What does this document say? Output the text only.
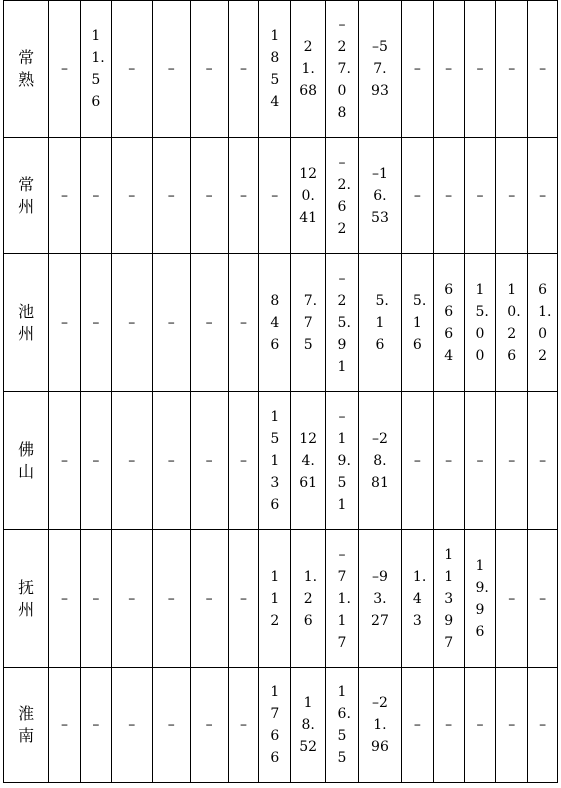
常熟	–	11.56	–	–	–	–	1854	21.68	–27.08	–57.93	–	–	–	–	–
常州	–	–	–	–	–	–	–	120.41	–2.62	–16.53	–	–	–	–	–
池州	–	–	–	–	–	–	846	7.75	–25.91	5.16	5.16	6664	15.00	10.26	61.02
佛山	–	–	–	–	–	–	15136	124.61	–19.51	–28.81	–	–	–	–	–
抚州	–	–	–	–	–	–	112	1.26	–71.17	–93.27	1.43	11397	19.96	–	–
淮南	–	–	–	–	–	–	1766	18.52	16.55	–21.96	–	–	–	–	–
